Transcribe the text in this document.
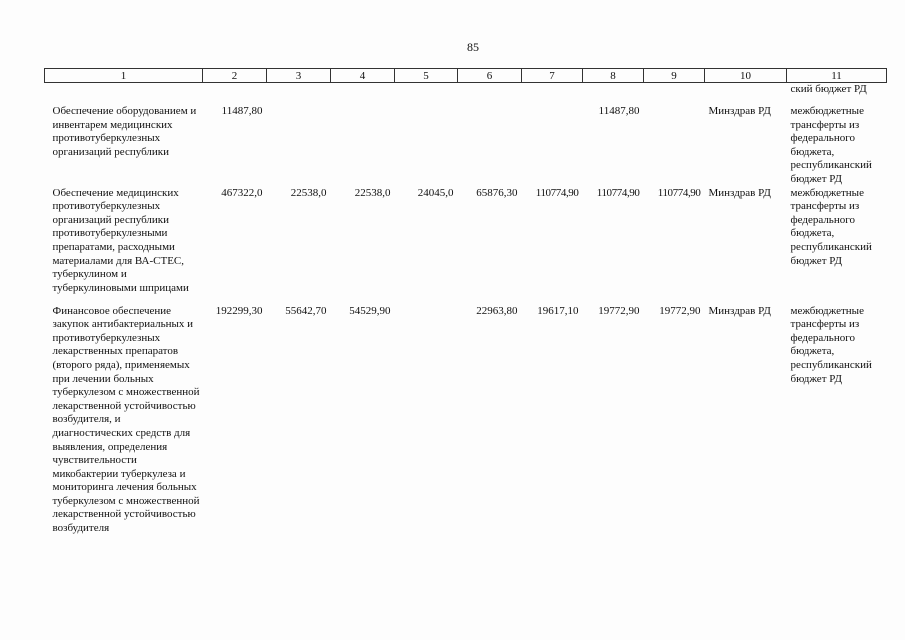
85
1	2	3	4	5	6	7	8	9	10	11
										ский бюджет РД
Обеспечение оборудованием и инвентарем медицинских противотуберкулезных организаций республики	11487,80						11487,80		Минздрав РД	межбюджетные трансферты из федерального бюджета, республиканский бюджет РД
Обеспечение медицинских противотуберкулезных организаций республики противотуберкулезными препаратами, расходными материалами для ВА-СТЕС, туберкулином и туберкулиновыми шприцами	467322,0	22538,0	22538,0	24045,0	65876,30	110774,90	110774,90	110774,90	Минздрав РД	межбюджетные трансферты из федерального бюджета, республиканский бюджет РД
Финансовое обеспечение закупок антибактериальных и противотуберкулезных лекарственных препаратов (второго ряда), применяемых при лечении больных туберкулезом с множественной лекарственной устойчивостью возбудителя, и диагностических средств для выявления, определения чувствительности микобактерии туберкулеза и мониторинга лечения больных туберкулезом с множественной лекарственной устойчивостью возбудителя	192299,30	55642,70	54529,90		22963,80	19617,10	19772,90	19772,90	Минздрав РД	межбюджетные трансферты из федерального бюджета, республиканский бюджет РД
